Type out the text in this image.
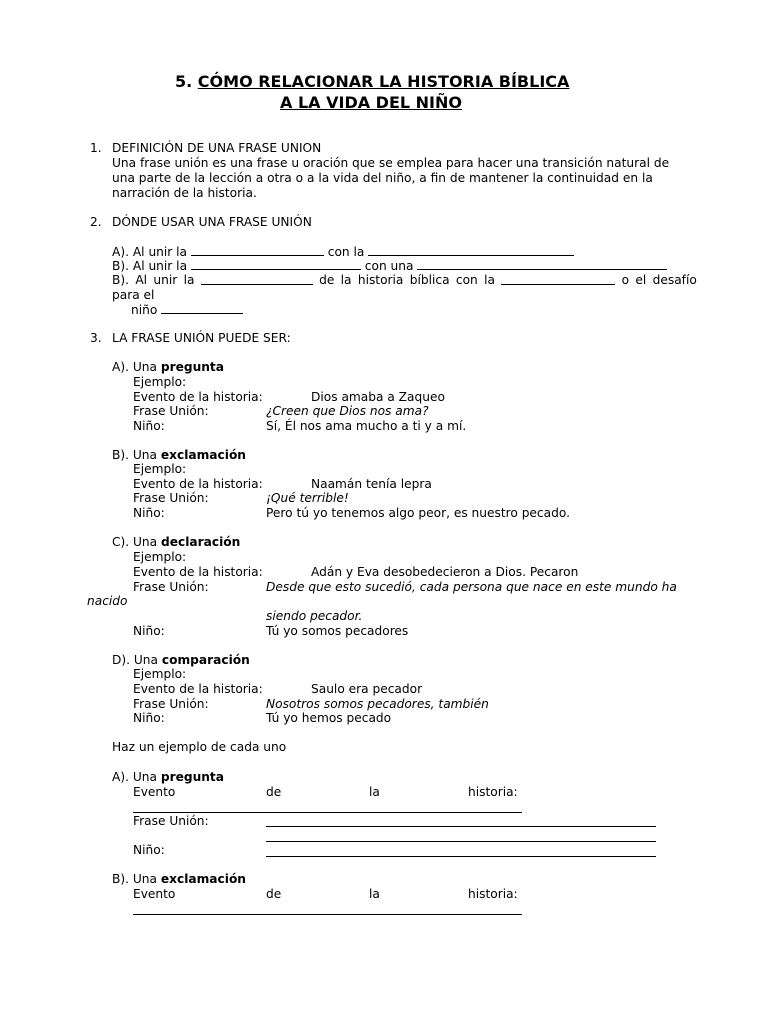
5. CÓMO RELACIONAR LA HISTORIA BÍBLICA
A LA VIDA DEL NIÑO
1. DEFINICIÓN DE UNA FRASE UNION
Una frase unión es una frase u oración que se emplea para hacer una transición natural de
una parte de la lección a otra o a la vida del niño, a fin de mantener la continuidad en la
narración de la historia.
2. DÓNDE USAR UNA FRASE UNIÓN
A). Al unir la	con la
B). Al unir la	con una
B). Al unir la	de la historia bíblica con la	o el desafío
para el
niño
3. LA FRASE UNIÓN PUEDE SER:
A). Una pregunta
Ejemplo:
Evento de la historia:	Dios amaba a Zaqueo
Frase Unión:	¿Creen que Dios nos ama?
Niño:	Sí, Él nos ama mucho a ti y a mí.
B). Una exclamación
Ejemplo:
Evento de la historia:	Naamán tenía lepra
Frase Unión:	¡Qué terrible!
Niño:	Pero tú yo tenemos algo peor, es nuestro pecado.
C). Una declaración
Ejemplo:
Evento de la historia:	Adán y Eva desobedecieron a Dios. Pecaron
Frase Unión:	Desde que esto sucedió, cada persona que nace en este mundo ha
nacido
siendo pecador.
Niño:	Tú yo somos pecadores
D). Una comparación
Ejemplo:
Evento de la historia:	Saulo era pecador
Frase Unión:	Nosotros somos pecadores, también
Niño:	Tú yo hemos pecado
Haz un ejemplo de cada uno
A). Una pregunta
Evento	de	la	historia:
Frase Unión:
Niño:
B). Una exclamación
Evento	de	la	historia:
